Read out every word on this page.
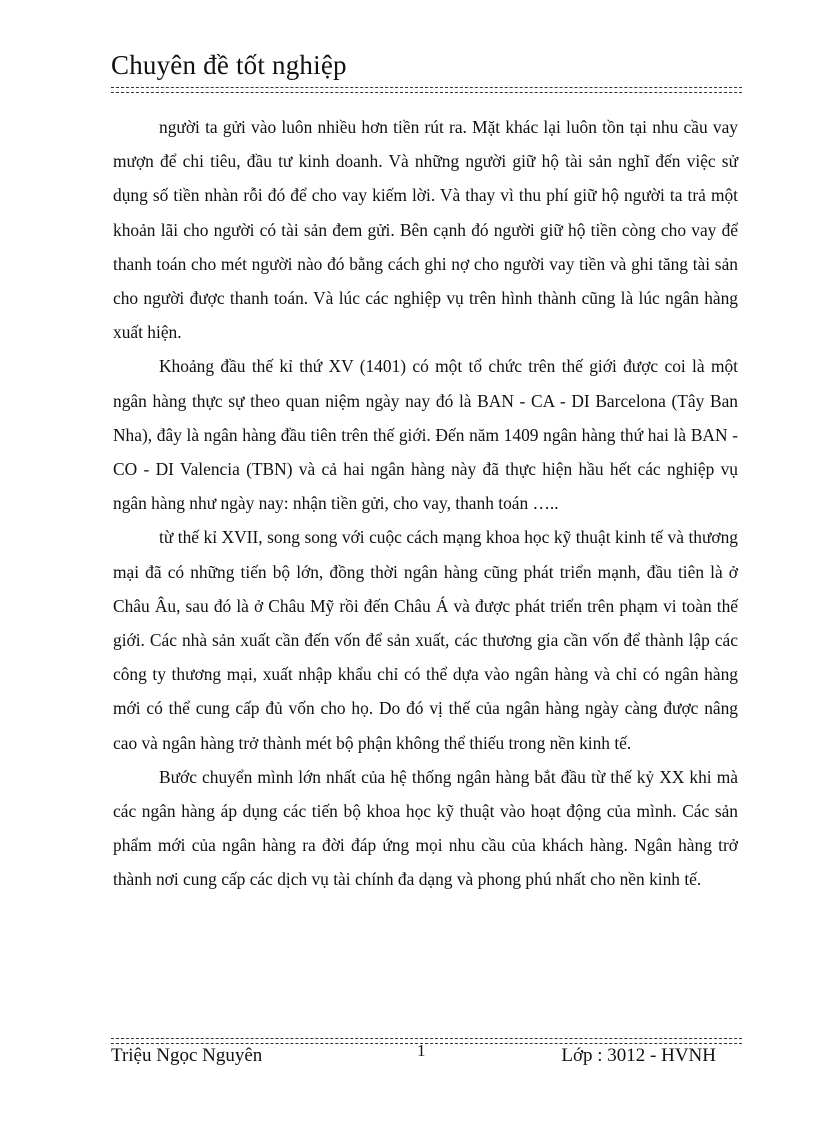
Chuyên đề tốt nghiệp

người ta gửi vào luôn nhiều hơn tiền rút ra. Mặt khác lại luôn tồn tại nhu cầu vay mượn để chi tiêu, đầu tư kinh doanh. Và những người giữ hộ tài sản nghĩ đến việc sử dụng số tiền nhàn rỗi đó để cho vay kiếm lời. Và thay vì thu phí giữ hộ người ta trả một khoản lãi cho người có tài sản đem gửi. Bên cạnh đó người giữ hộ tiền còng cho vay để thanh toán cho mét người nào đó bằng cách ghi nợ cho người vay tiền và ghi tăng tài sản cho người được thanh toán. Và lúc các nghiệp vụ trên hình thành cũng là lúc ngân hàng xuất hiện.

Khoảng đầu thế kỉ thứ XV (1401) có một tổ chức trên thế giới được coi là một ngân hàng thực sự theo quan niệm ngày nay đó là BAN - CA - DI Barcelona (Tây Ban Nha), đây là ngân hàng đầu tiên trên thế giới. Đến năm 1409 ngân hàng thứ hai là BAN - CO - DI Valencia (TBN) và cả hai ngân hàng này đã thực hiện hầu hết các nghiệp vụ ngân hàng như ngày nay: nhận tiền gửi, cho vay, thanh toán …..

từ thế kỉ XVII, song song với cuộc cách mạng khoa học kỹ thuật kinh tế và thương mại đã có những tiến bộ lớn, đồng thời ngân hàng cũng phát triển mạnh, đầu tiên là ở Châu Âu, sau đó là ở Châu Mỹ rồi đến Châu Á và được phát triển trên phạm vi toàn thế giới. Các nhà sản xuất cần đến vốn để sản xuất, các thương gia cần vốn để thành lập các công ty thương mại, xuất nhập khẩu chỉ có thể dựa vào ngân hàng và chỉ có ngân hàng mới có thể cung cấp đủ vốn cho họ. Do đó vị thế của ngân hàng ngày càng được nâng cao và ngân hàng trở thành mét bộ phận không thể thiếu trong nền kinh tế.

Bước chuyển mình lớn nhất của hệ thống ngân hàng bắt đầu từ thế kỷ XX khi mà các ngân hàng áp dụng các tiến bộ khoa học kỹ thuật vào hoạt động của mình. Các sản phẩm mới của ngân hàng ra đời đáp ứng mọi nhu cầu của khách hàng. Ngân hàng trở thành nơi cung cấp các dịch vụ tài chính đa dạng và phong phú nhất cho nền kinh tế.

Triệu Ngọc Nguyên	1	Lớp : 3012 - HVNH
